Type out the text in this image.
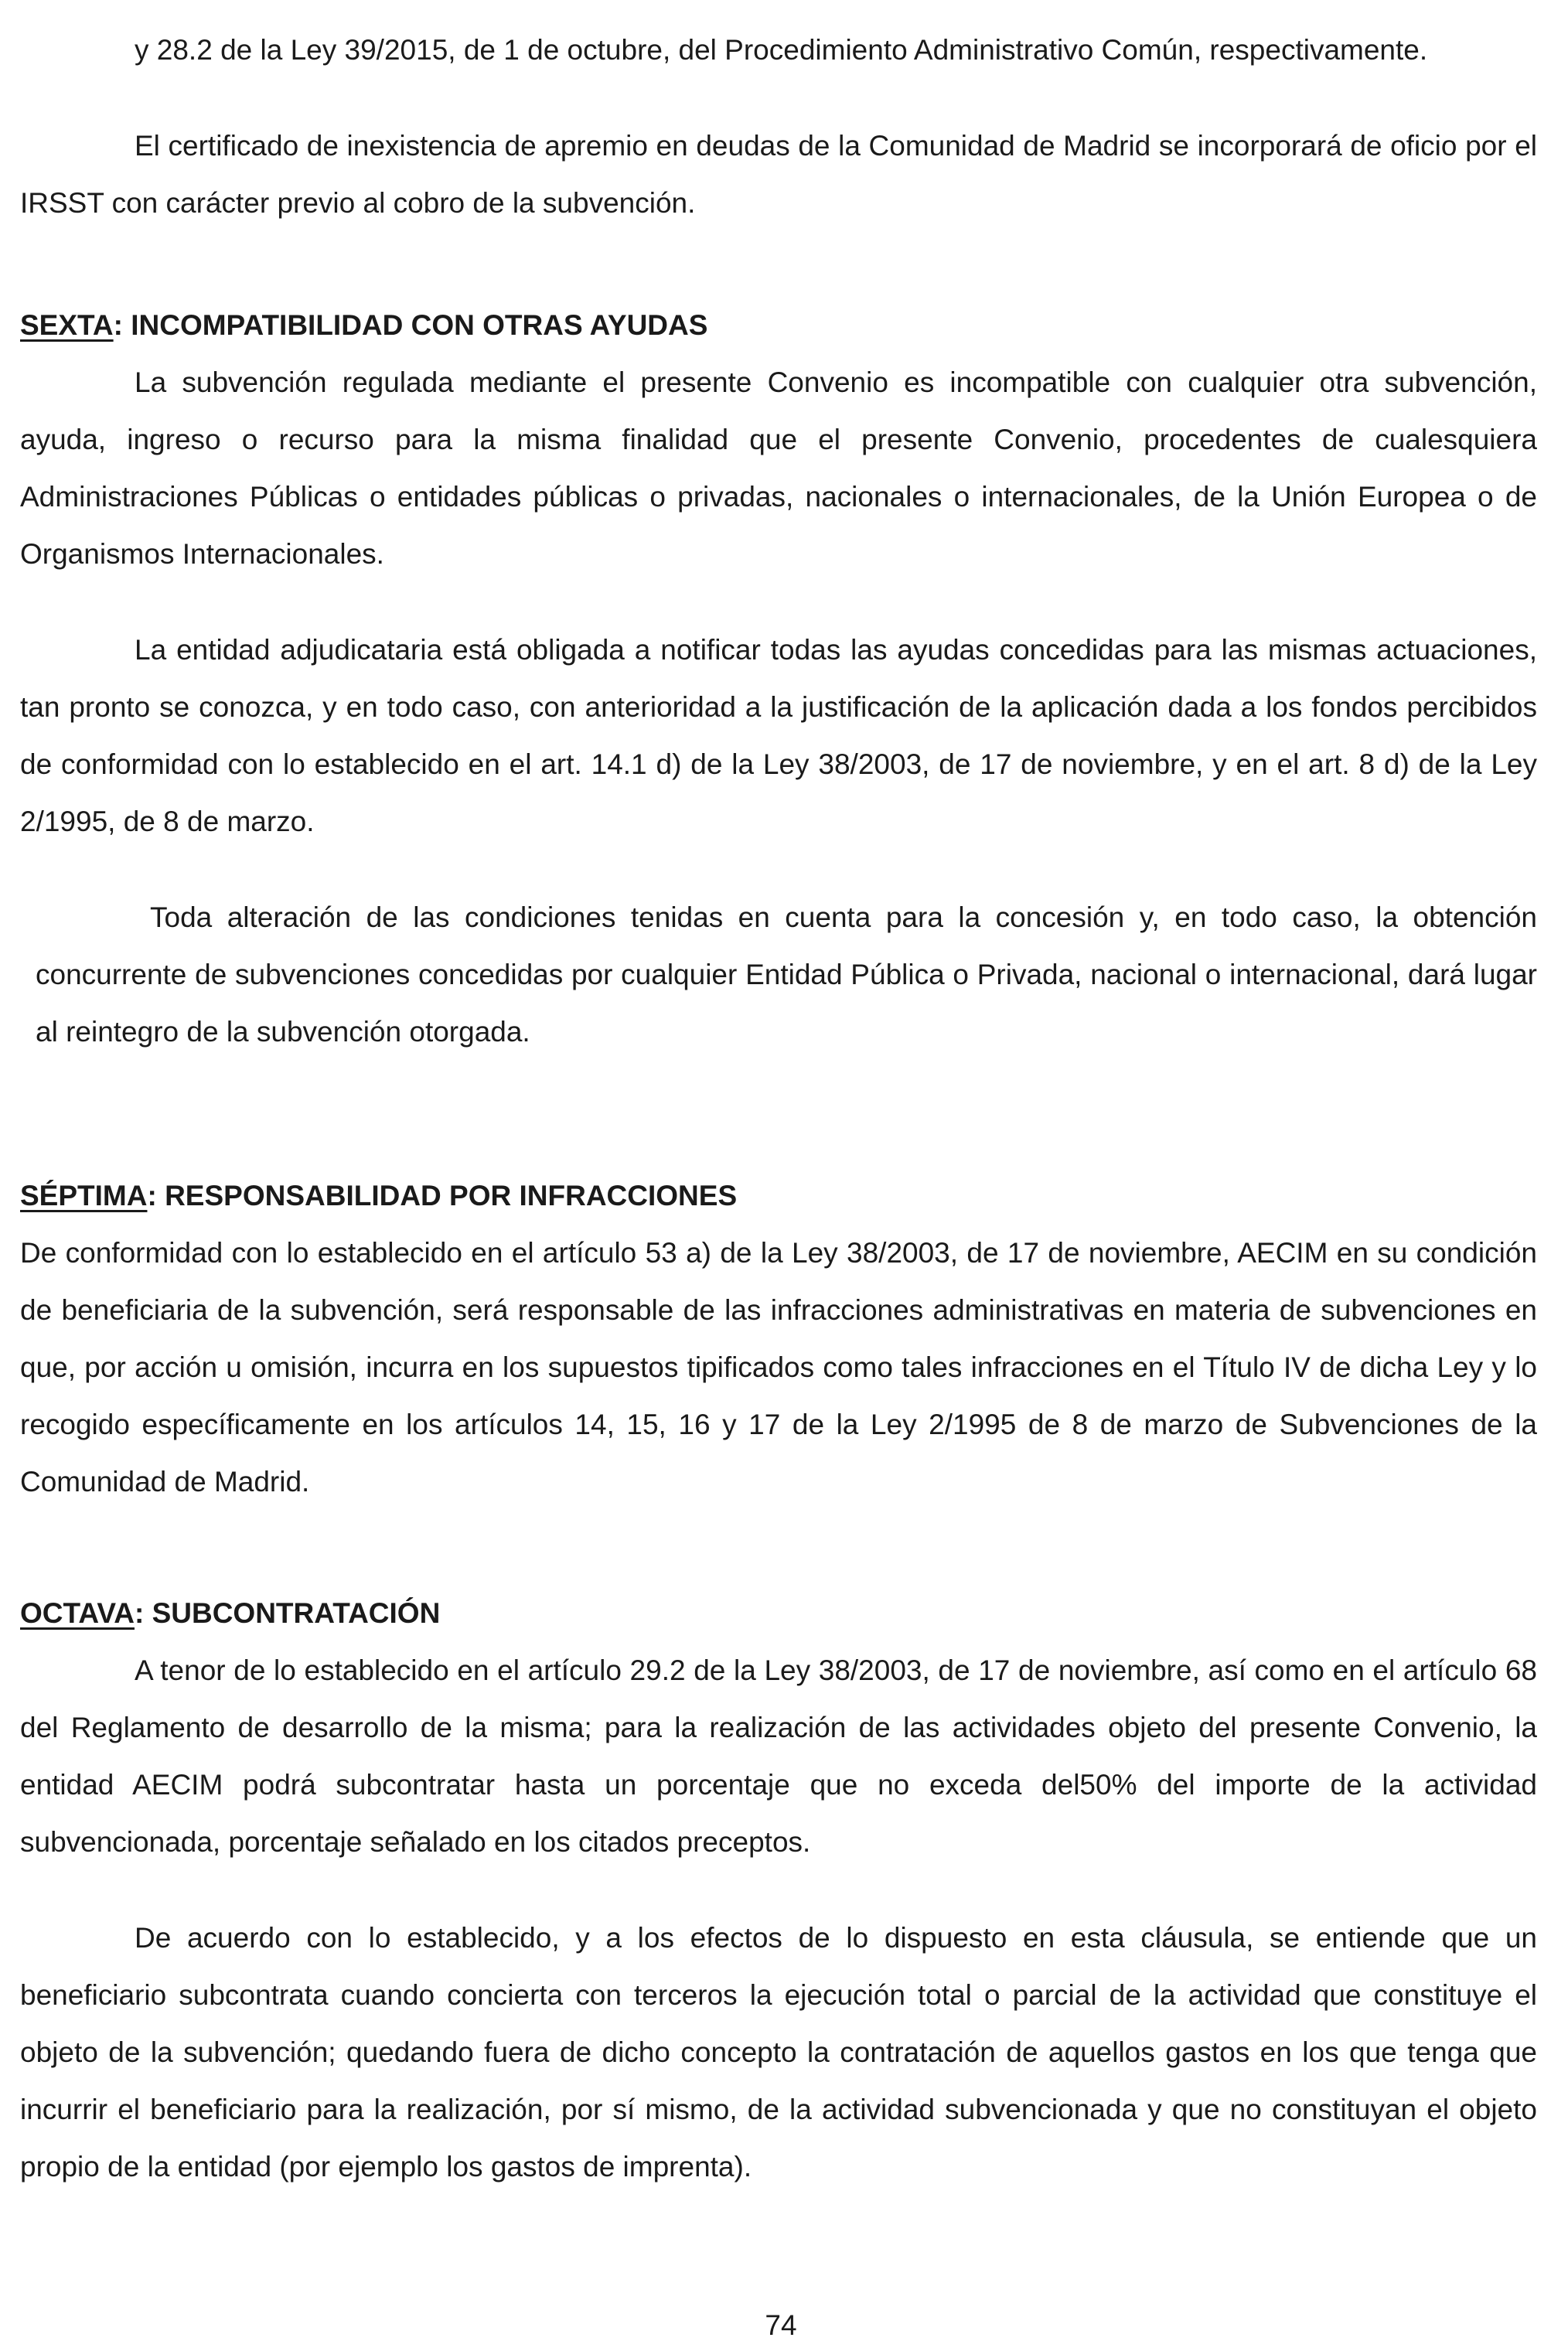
y 28.2 de la Ley 39/2015, de 1 de octubre, del Procedimiento Administrativo Común, respectivamente.

El certificado de inexistencia de apremio en deudas de la Comunidad de Madrid se incorporará de oficio por el IRSST con carácter previo al cobro de la subvención.

SEXTA: INCOMPATIBILIDAD CON OTRAS AYUDAS

La subvención regulada mediante el presente Convenio es incompatible con cualquier otra subvención, ayuda, ingreso o recurso para la misma finalidad que el presente Convenio, procedentes de cualesquiera Administraciones Públicas o entidades públicas o privadas, nacionales o internacionales, de la Unión Europea o de Organismos Internacionales.

La entidad adjudicataria está obligada a notificar todas las ayudas concedidas para las mismas actuaciones, tan pronto se conozca, y en todo caso, con anterioridad a la justificación de la aplicación dada a los fondos percibidos de conformidad con lo establecido en el art. 14.1 d) de la Ley 38/2003, de 17 de noviembre, y en el art. 8 d) de la Ley 2/1995, de 8 de marzo.

Toda alteración de las condiciones tenidas en cuenta para la concesión y, en todo caso, la obtención concurrente de subvenciones concedidas por cualquier Entidad Pública o Privada, nacional o internacional, dará lugar al reintegro de la subvención otorgada.

SÉPTIMA: RESPONSABILIDAD POR INFRACCIONES

De conformidad con lo establecido en el artículo 53 a) de la Ley 38/2003, de 17 de noviembre, AECIM en su condición de beneficiaria de la subvención, será responsable de las infracciones administrativas en materia de subvenciones en que, por acción u omisión, incurra en los supuestos tipificados como tales infracciones en el Título IV de dicha Ley y lo recogido específicamente en los artículos 14, 15, 16 y 17 de la Ley 2/1995 de 8 de marzo de Subvenciones de la Comunidad de Madrid.

OCTAVA: SUBCONTRATACIÓN

A tenor de lo establecido en el artículo 29.2 de la Ley 38/2003, de 17 de noviembre, así como en el artículo 68 del Reglamento de desarrollo de la misma; para la realización de las actividades objeto del presente Convenio, la entidad AECIM podrá subcontratar hasta un porcentaje que no exceda del50% del importe de la actividad subvencionada, porcentaje señalado en los citados preceptos.

De acuerdo con lo establecido, y a los efectos de lo dispuesto en esta cláusula, se entiende que un beneficiario subcontrata cuando concierta con terceros la ejecución total o parcial de la actividad que constituye el objeto de la subvención; quedando fuera de dicho concepto la contratación de aquellos gastos en los que tenga que incurrir el beneficiario para la realización, por sí mismo, de la actividad subvencionada y que no constituyan el objeto propio de la entidad (por ejemplo los gastos de imprenta).

74
